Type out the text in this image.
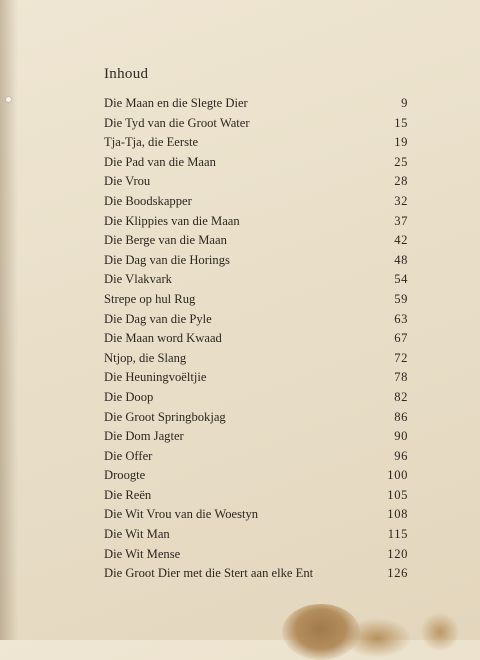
Inhoud
Die Maan en die Slegte Dier	9
Die Tyd van die Groot Water	15
Tja-Tja, die Eerste	19
Die Pad van die Maan	25
Die Vrou	28
Die Boodskapper	32
Die Klippies van die Maan	37
Die Berge van die Maan	42
Die Dag van die Horings	48
Die Vlakvark	54
Strepe op hul Rug	59
Die Dag van die Pyle	63
Die Maan word Kwaad	67
Ntjop, die Slang	72
Die Heuningvoëltjie	78
Die Doop	82
Die Groot Springbokjag	86
Die Dom Jagter	90
Die Offer	96
Droogte	100
Die Reën	105
Die Wit Vrou van die Woestyn	108
Die Wit Man	115
Die Wit Mense	120
Die Groot Dier met die Stert aan elke Ent	126
